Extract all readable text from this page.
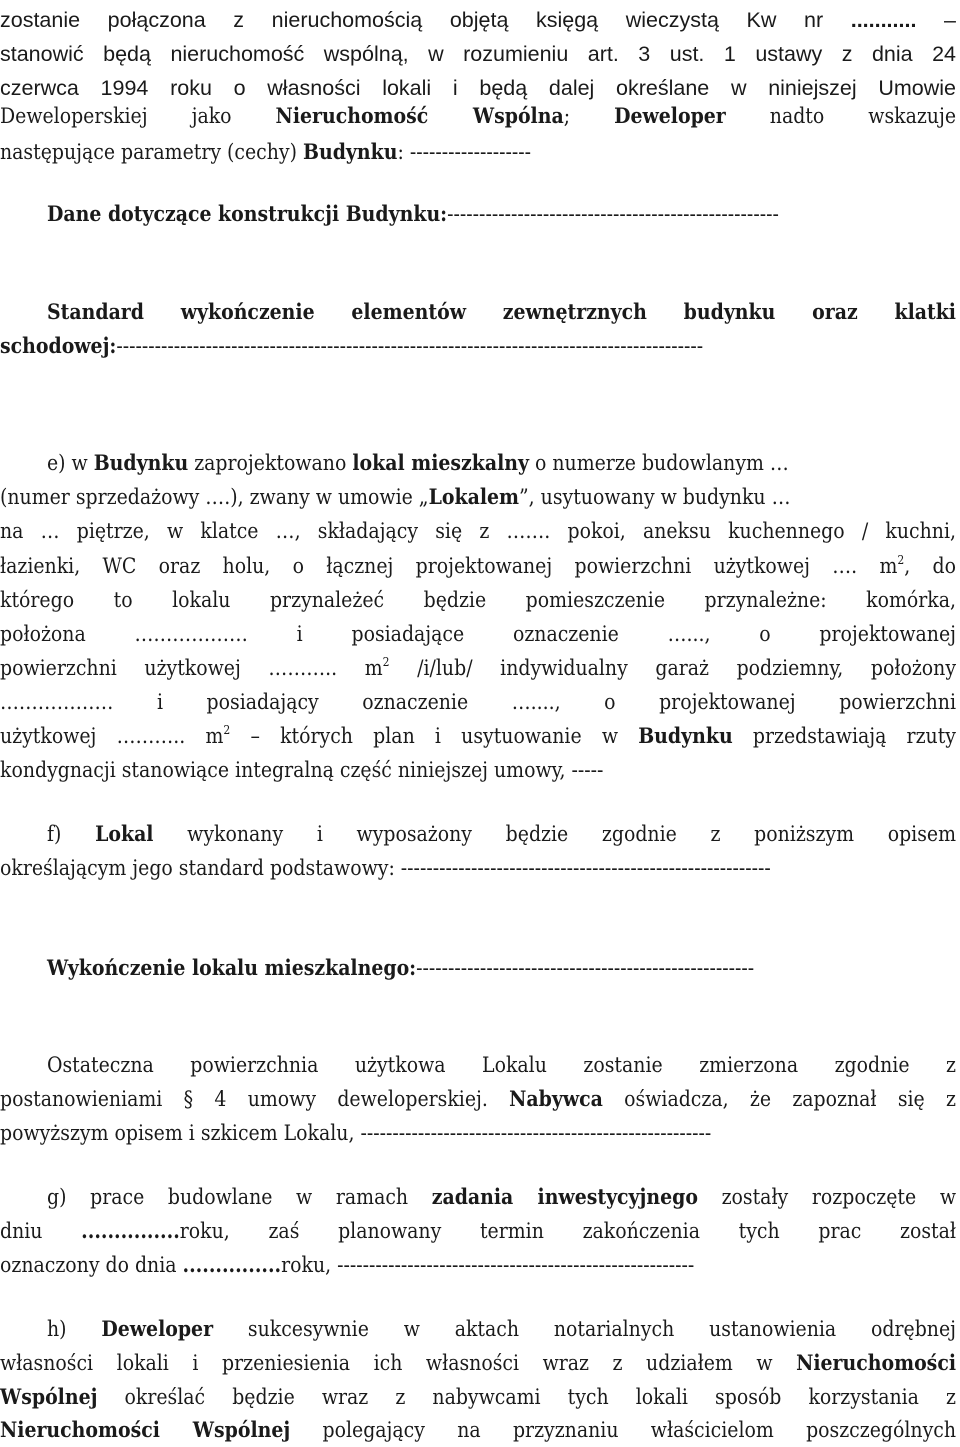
zostanie połączona z nieruchomością objętą księgą wieczystą Kw nr ........... –
stanowić będą nieruchomość wspólną, w rozumieniu art. 3 ust. 1 ustawy z dnia 24
czerwca 1994 roku o własności lokali i będą dalej określane w niniejszej Umowie
Deweloperskiej jako Nieruchomość Wspólna; Deweloper nadto wskazuje
następujące parametry (cechy) Budynku: -------------------
Dane dotyczące konstrukcji Budynku:----------------------------------------------------
Standard wykończenie elementów zewnętrznych budynku oraz klatki
schodowej:--------------------------------------------------------------------------------------------
e) w Budynku zaprojektowano lokal mieszkalny o numerze budowlanym …
(numer sprzedażowy ….), zwany w umowie „Lokalem”, usytuowany w budynku …
na … piętrze, w klatce …, składający się z ……. pokoi, aneksu kuchennego / kuchni,
łazienki, WC oraz holu, o łącznej projektowanej powierzchni użytkowej …. $m^2$, do
którego to lokalu przynależeć będzie pomieszczenie przynależne: komórka,
położona ……………… i posiadające oznaczenie …..., o projektowanej
powierzchni użytkowej ……….. $m^2$ /i/lub/ indywidualny garaż podziemny, położony
……………… i posiadający oznaczenie …...., o projektowanej powierzchni
użytkowej ……….. $m^2$ – których plan i usytuowanie w Budynku przedstawiają rzuty
kondygnacji stanowiące integralną część niniejszej umowy, -----
f) Lokal wykonany i wyposażony będzie zgodnie z poniższym opisem
określającym jego standard podstawowy: ----------------------------------------------------------
Wykończenie lokalu mieszkalnego:-----------------------------------------------------
Ostateczna powierzchnia użytkowa Lokalu zostanie zmierzona zgodnie z
postanowieniami § 4 umowy deweloperskiej. Nabywca oświadcza, że zapoznał się z
powyższym opisem i szkicem Lokalu, -------------------------------------------------------
g) prace budowlane w ramach zadania inwestycyjnego zostały rozpoczęte w
dniu ...............roku, zaś planowany termin zakończenia tych prac został
oznaczony do dnia ...............roku, --------------------------------------------------------
h) Deweloper sukcesywnie w aktach notarialnych ustanowienia odrębnej
własności lokali i przeniesienia ich własności wraz z udziałem w Nieruchomości
Wspólnej określać będzie wraz z nabywcami tych lokali sposób korzystania z
Nieruchomości Wspólnej polegający na przyznaniu właścicielom poszczególnych
